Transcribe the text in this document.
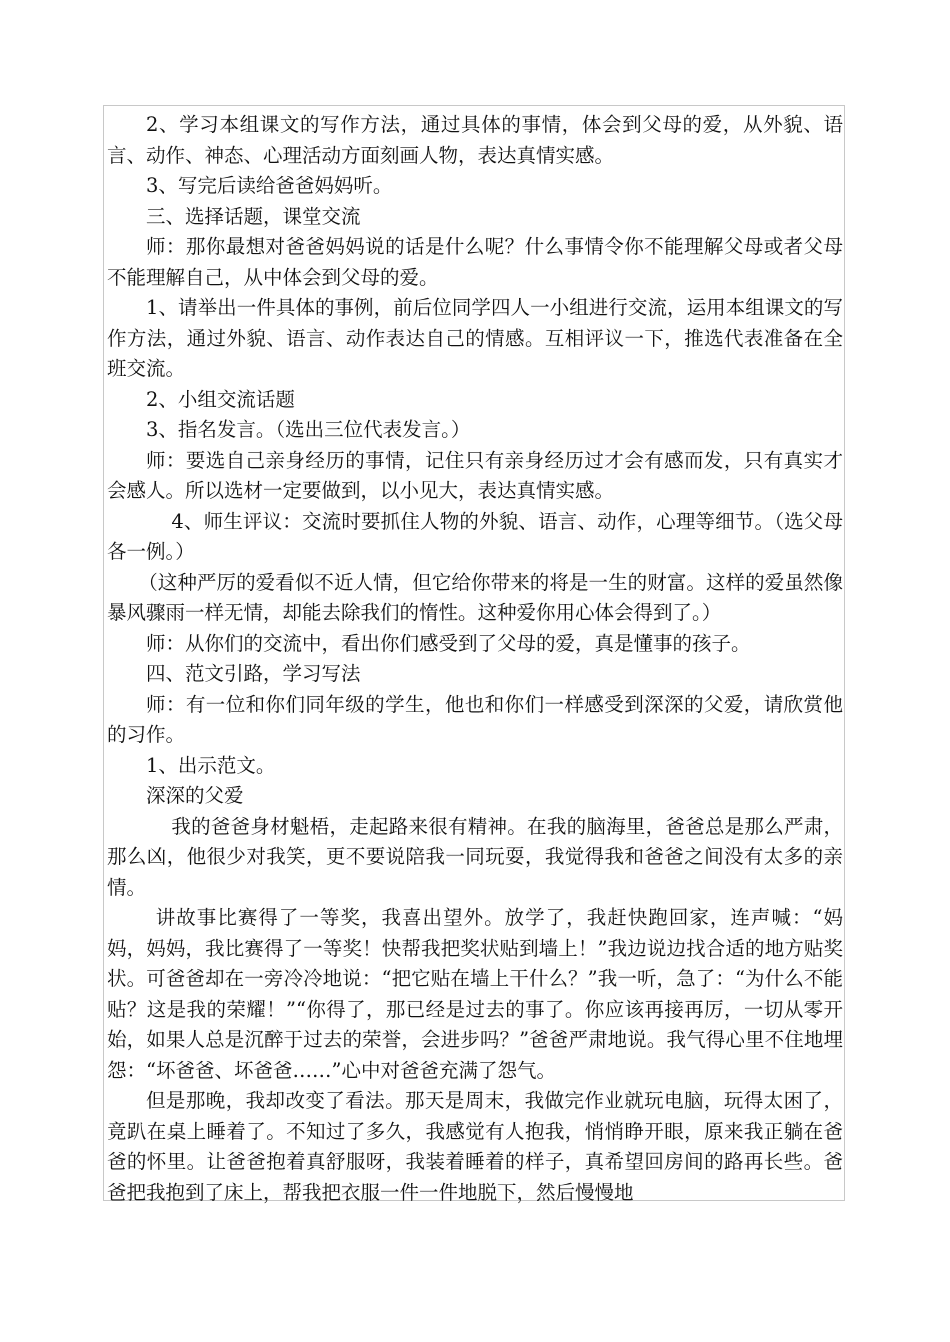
2、学习本组课文的写作方法，通过具体的事情，体会到父母的爱，从外貌、语言、动作、神态、心理活动方面刻画人物，表达真情实感。

3、写完后读给爸爸妈妈听。

三、选择话题，课堂交流

师：那你最想对爸爸妈妈说的话是什么呢？什么事情令你不能理解父母或者父母不能理解自己，从中体会到父母的爱。

1、请举出一件具体的事例，前后位同学四人一小组进行交流，运用本组课文的写作方法，通过外貌、语言、动作表达自己的情感。互相评议一下，推选代表准备在全班交流。

2、小组交流话题

3、指名发言。（选出三位代表发言。）

师：要选自己亲身经历的事情，记住只有亲身经历过才会有感而发，只有真实才会感人。所以选材一定要做到，以小见大，表达真情实感。

4、师生评议：交流时要抓住人物的外貌、语言、动作，心理等细节。（选父母各一例。）

（这种严厉的爱看似不近人情，但它给你带来的将是一生的财富。这样的爱虽然像暴风骤雨一样无情，却能去除我们的惰性。这种爱你用心体会得到了。）

师：从你们的交流中，看出你们感受到了父母的爱，真是懂事的孩子。

四、范文引路，学习写法

师：有一位和你们同年级的学生，他也和你们一样感受到深深的父爱，请欣赏他的习作。

1、出示范文。

深深的父爱

我的爸爸身材魁梧，走起路来很有精神。在我的脑海里，爸爸总是那么严肃，那么凶，他很少对我笑，更不要说陪我一同玩耍，我觉得我和爸爸之间没有太多的亲情。

讲故事比赛得了一等奖，我喜出望外。放学了，我赶快跑回家，连声喊：“妈妈，妈妈，我比赛得了一等奖！快帮我把奖状贴到墙上！”我边说边找合适的地方贴奖状。可爸爸却在一旁冷冷地说：“把它贴在墙上干什么？”我一听，急了：“为什么不能贴？这是我的荣耀！”“你得了，那已经是过去的事了。你应该再接再厉，一切从零开始，如果人总是沉醉于过去的荣誉，会进步吗？”爸爸严肃地说。我气得心里不住地埋怨：“坏爸爸、坏爸爸……”心中对爸爸充满了怨气。

但是那晚，我却改变了看法。那天是周末，我做完作业就玩电脑，玩得太困了，竟趴在桌上睡着了。不知过了多久，我感觉有人抱我，悄悄睁开眼，原来我正躺在爸爸的怀里。让爸爸抱着真舒服呀，我装着睡着的样子，真希望回房间的路再长些。爸爸把我抱到了床上，帮我把衣服一件一件地脱下，然后慢慢地
